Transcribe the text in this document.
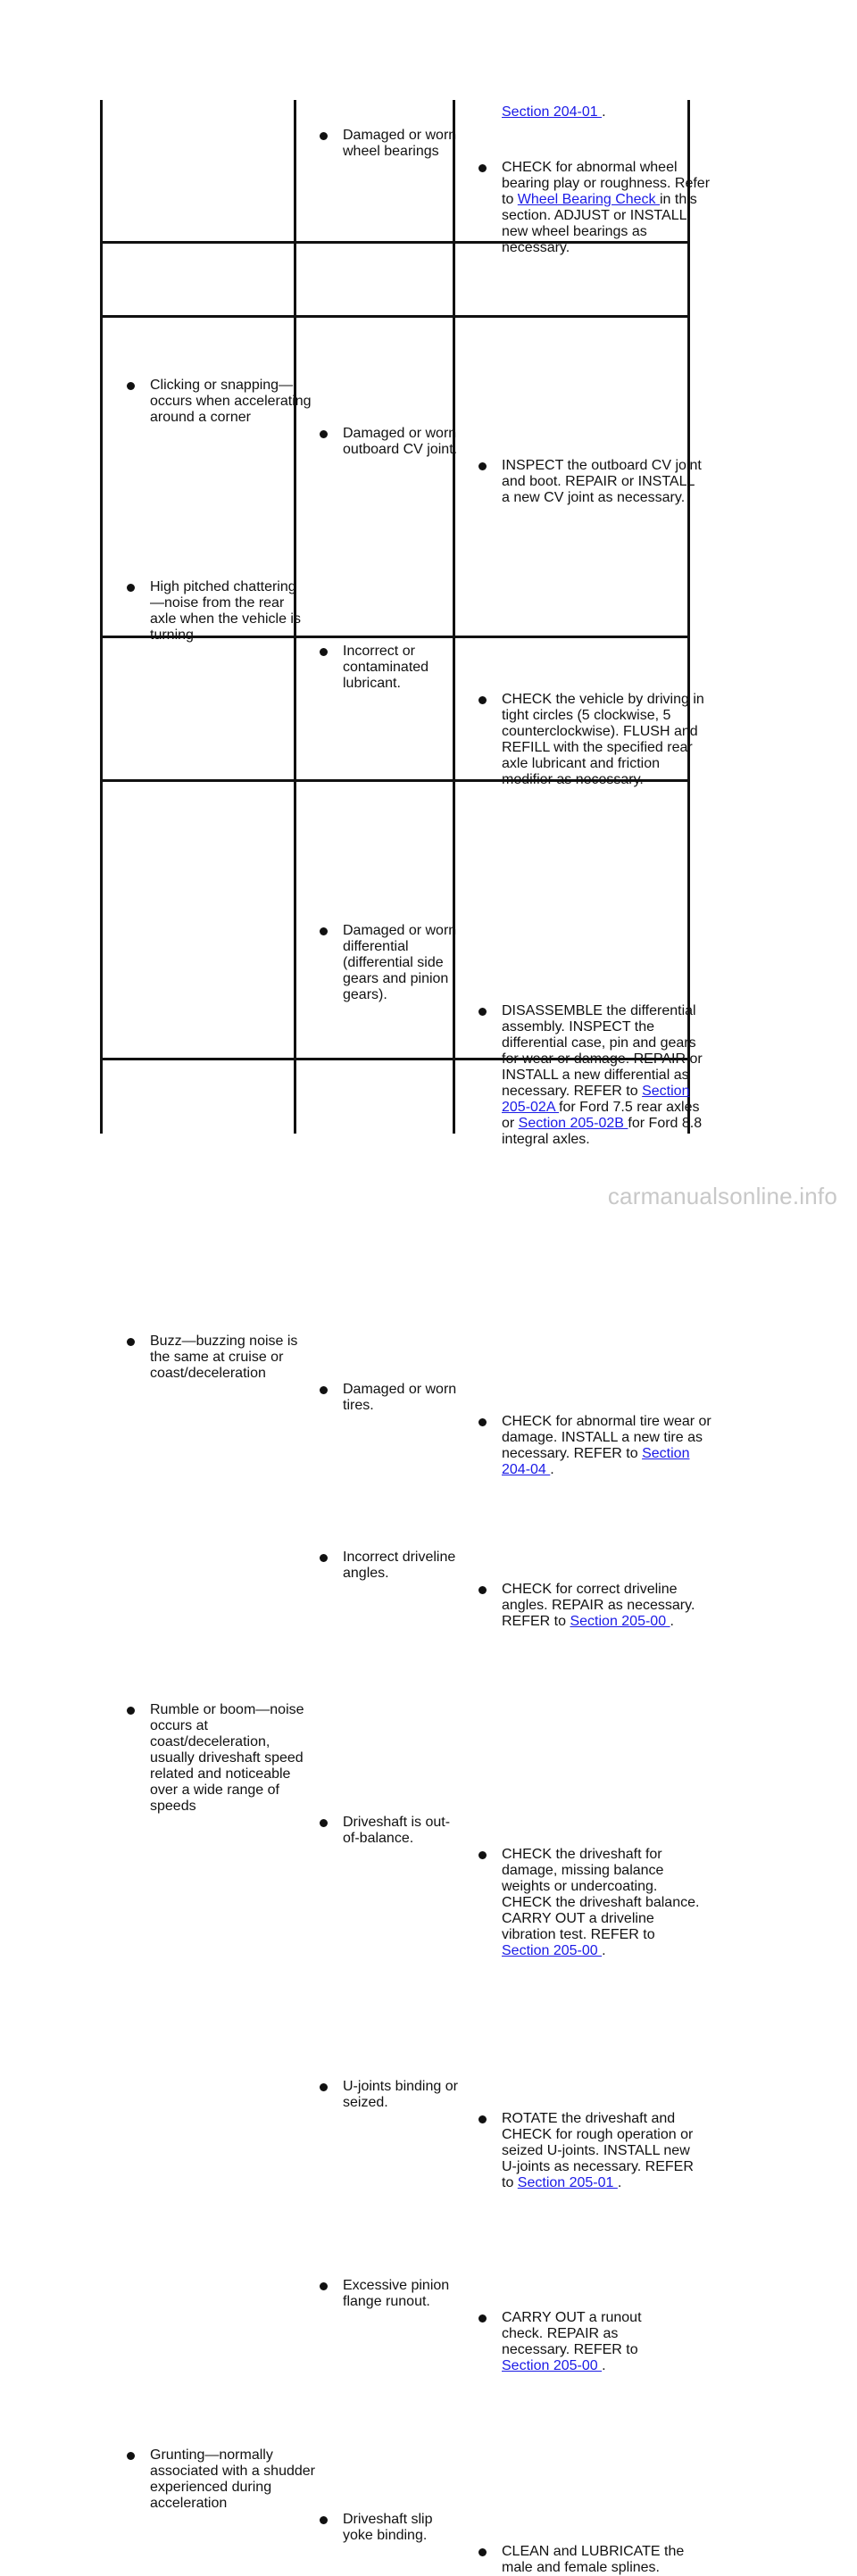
Section 204-01 .
Damaged or worn wheel bearings
CHECK for abnormal wheel bearing play or roughness. Refer to Wheel Bearing Check in this section. ADJUST or INSTALL new wheel bearings as necessary.
Clicking or snapping—occurs when accelerating around a corner
Damaged or worn outboard CV joint.
INSPECT the outboard CV joint and boot. REPAIR or INSTALL a new CV joint as necessary.
High pitched chattering—noise from the rear axle when the vehicle is turning
Incorrect or contaminated lubricant.
CHECK the vehicle by driving in tight circles (5 clockwise, 5 counterclockwise). FLUSH and REFILL with the specified rear axle lubricant and friction modifier as necessary.
Damaged or worn differential (differential side gears and pinion gears).
DISASSEMBLE the differential assembly. INSPECT the differential case, pin and gears for wear or damage. REPAIR or INSTALL a new differential as necessary. REFER to Section 205-02A for Ford 7.5 rear axles or Section 205-02B for Ford 8.8 integral axles.
Buzz—buzzing noise is the same at cruise or coast/deceleration
Damaged or worn tires.
CHECK for abnormal tire wear or damage. INSTALL a new tire as necessary. REFER to Section 204-04 .
Incorrect driveline angles.
CHECK for correct driveline angles. REPAIR as necessary. REFER to Section 205-00 .
Rumble or boom—noise occurs at coast/deceleration, usually driveshaft speed related and noticeable over a wide range of speeds
Driveshaft is out-of-balance.
CHECK the driveshaft for damage, missing balance weights or undercoating. CHECK the driveshaft balance. CARRY OUT a driveline vibration test. REFER to Section 205-00 .
U-joints binding or seized.
ROTATE the driveshaft and CHECK for rough operation or seized U-joints. INSTALL new U-joints as necessary. REFER to Section 205-01 .
Excessive pinion flange runout.
CARRY OUT a runout check. REPAIR as necessary. REFER to Section 205-00 .
Grunting—normally associated with a shudder experienced during acceleration
Driveshaft slip yoke binding.
CLEAN and LUBRICATE the male and female splines.
carmanualsonline.info
